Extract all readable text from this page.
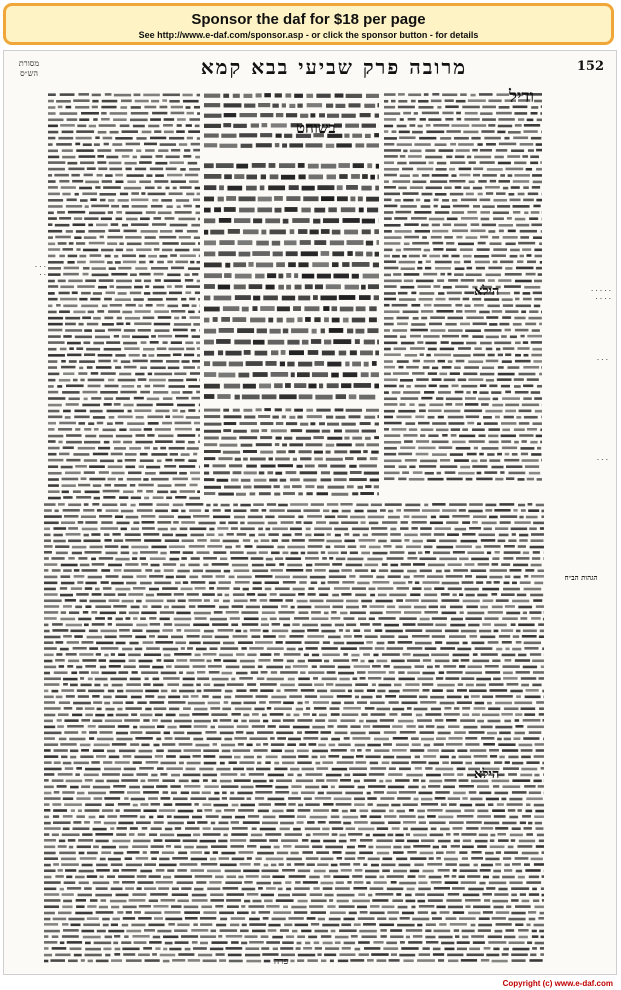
Sponsor the daf for $18 per page
See http://www.e-daf.com/sponsor.asp - or click the sponsor button - for details
מרובה פרק שביעי בבא קמא	152
מסורת הש״ס
בשוחט
ודיל
הילא
הילא
פרה
· · · · ·
· · · ·
· · ·
· · ·
הגהות הב״ח
· · ·
· ·
Copyright (c) www.e-daf.com
